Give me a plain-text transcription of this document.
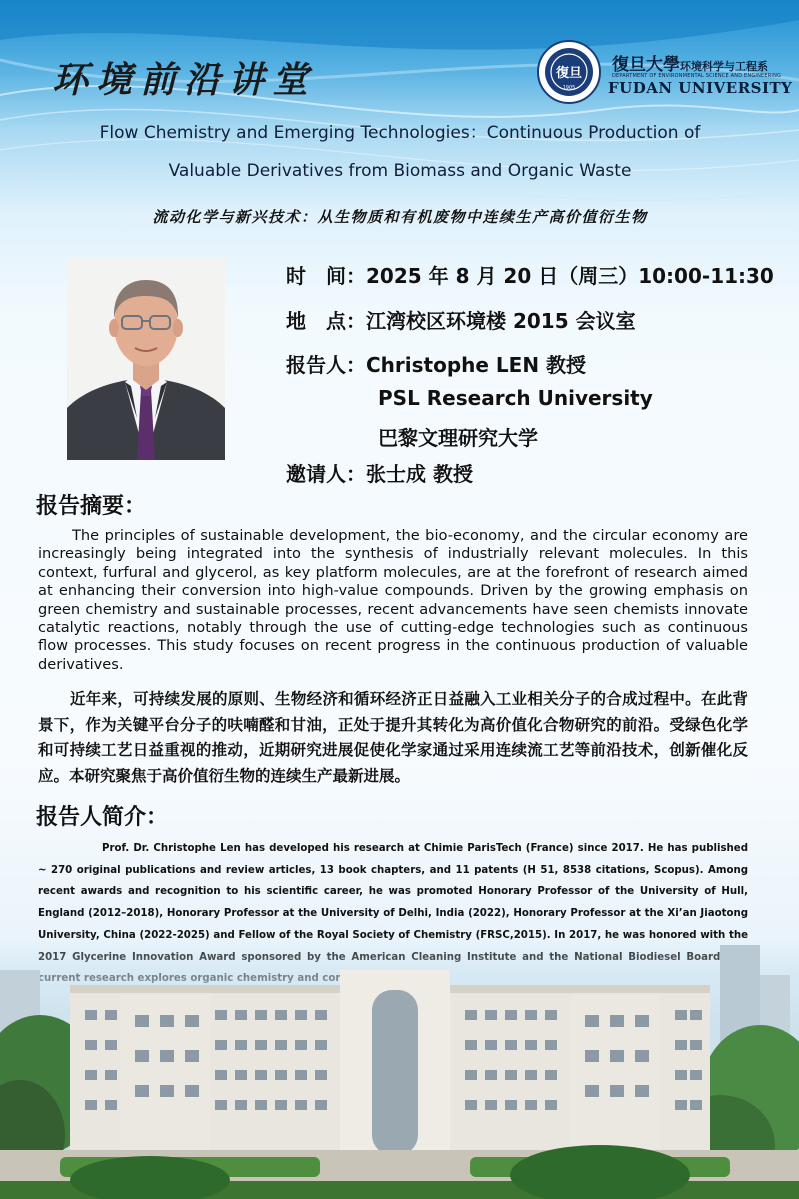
环境前沿讲堂	復旦
1905
復旦大學环境科学与工程系
DEPARTMENT OF ENVIRONMENTAL SCIENCE AND ENGINEERING
FUDAN UNIVERSITY
Flow Chemistry and Emerging Technologies：Continuous Production of
Valuable Derivatives from Biomass and Organic Waste
流动化学与新兴技术：从生物质和有机废物中连续生产高价值衍生物
时　间：2025 年 8 月 20 日（周三）10:00-11:30
地　点：江湾校区环境楼 2015 会议室
报告人：Christophe LEN 教授
PSL Research University
巴黎文理研究大学
邀请人：张士成 教授
报告摘要：

The principles of sustainable development, the bio-economy, and the circular economy are increasingly being integrated into the synthesis of industrially relevant molecules. In this context, furfural and glycerol, as key platform molecules, are at the forefront of research aimed at enhancing their conversion into high-value compounds. Driven by the growing emphasis on green chemistry and sustainable processes, recent advancements have seen chemists innovate catalytic reactions, notably through the use of cutting-edge technologies such as continuous flow processes. This study focuses on recent progress in the continuous production of valuable derivatives.

近年来，可持续发展的原则、生物经济和循环经济正日益融入工业相关分子的合成过程中。在此背景下，作为关键平台分子的呋喃醛和甘油，正处于提升其转化为高价值化合物研究的前沿。受绿色化学和可持续工艺日益重视的推动，近期研究进展促使化学家通过采用连续流工艺等前沿技术，创新催化反应。本研究聚焦于高价值衍生物的连续生产最新进展。

报告人简介：

Prof. Dr. Christophe Len has developed his research at Chimie ParisTech (France) since 2017. He has published ~ 270 original publications and review articles, 13 book chapters, and 11 patents (H 51, 8538 citations, Scopus). Among recent awards and recognition to his scientific career, he was promoted Honorary Professor of the University of Hull, England (2012–2018), Honorary Professor at the University of Delhi, India (2022), Honorary Professor at the Xi’an Jiaotong
